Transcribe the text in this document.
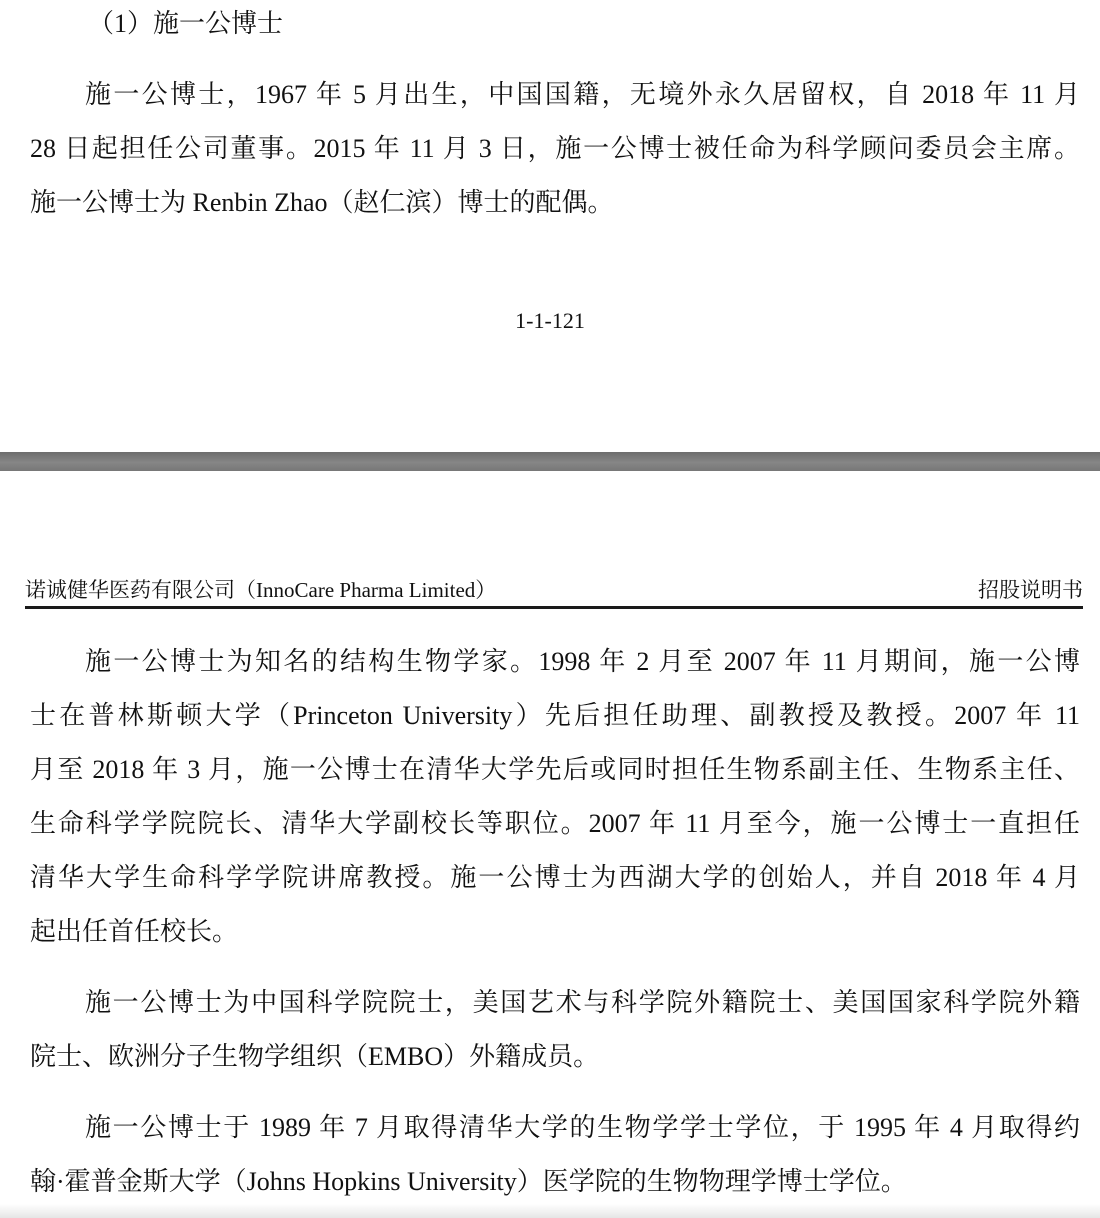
（1）施一公博士
施一公博士，1967 年 5 月出生，中国国籍，无境外永久居留权，自 2018 年 11 月
28 日起担任公司董事。2015 年 11 月 3 日，施一公博士被任命为科学顾问委员会主席。
施一公博士为 Renbin Zhao（赵仁滨）博士的配偶。
1-1-121
诺诚健华医药有限公司（InnoCare Pharma Limited）	招股说明书
施一公博士为知名的结构生物学家。1998 年 2 月至 2007 年 11 月期间，施一公博
士在普林斯顿大学（Princeton University）先后担任助理、副教授及教授。2007 年 11
月至 2018 年 3 月，施一公博士在清华大学先后或同时担任生物系副主任、生物系主任、
生命科学学院院长、清华大学副校长等职位。2007 年 11 月至今，施一公博士一直担任
清华大学生命科学学院讲席教授。施一公博士为西湖大学的创始人，并自 2018 年 4 月
起出任首任校长。
施一公博士为中国科学院院士，美国艺术与科学院外籍院士、美国国家科学院外籍
院士、欧洲分子生物学组织（EMBO）外籍成员。
施一公博士于 1989 年 7 月取得清华大学的生物学学士学位，于 1995 年 4 月取得约
翰·霍普金斯大学（Johns Hopkins University）医学院的生物物理学博士学位。
